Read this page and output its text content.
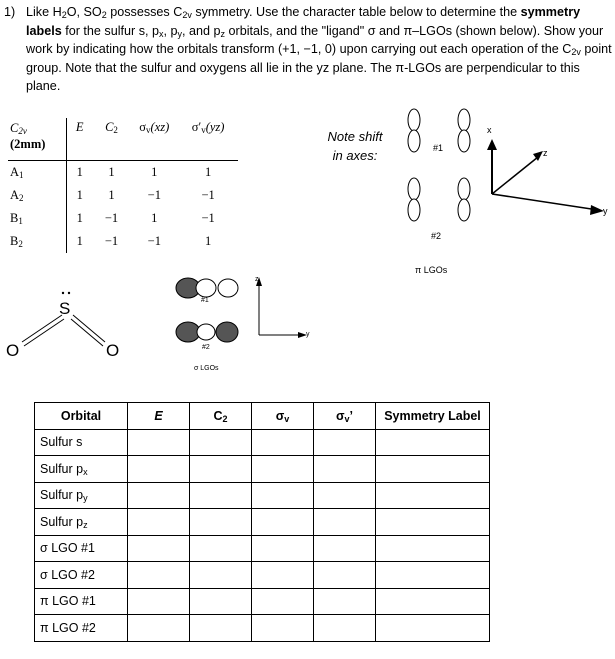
1) Like $H_2O$, $SO_2$ possesses $C_{2v}$ symmetry. Use the character table below to determine the symmetry labels for the sulfur s, $p_x$, $p_y$, and $p_z$ orbitals, and the "ligand" σ and π–LGOs (shown below). Show your work by indicating how the orbitals transform (+1, −1, 0) upon carrying out each operation of the $C_{2v}$ point group. Note that the sulfur and oxygens all lie in the yz plane. The π-LGOs are perpendicular to this plane.
$C_{2v}$
(2mm)	E	$C_2$	$\sigma_v(xz)$	$\sigma'_v(yz)$
$A_1$	1	1	1	1
$A_2$	1	1	−1	−1
$B_1$	1	−1	1	−1
$B_2$	1	−1	−1	1
S
O	O
#1
#2
σ LGOs
z
y
Note shift
in axes:	#1
#2
π LGOs
x
z
y
Orbital	E	$C_2$	$\sigma_v$	$\sigma_v$’	Symmetry Label
Sulfur s					
Sulfur $p_x$					
Sulfur $p_y$					
Sulfur $p_z$					
σ LGO #1					
σ LGO #2					
π LGO #1					
π LGO #2					
